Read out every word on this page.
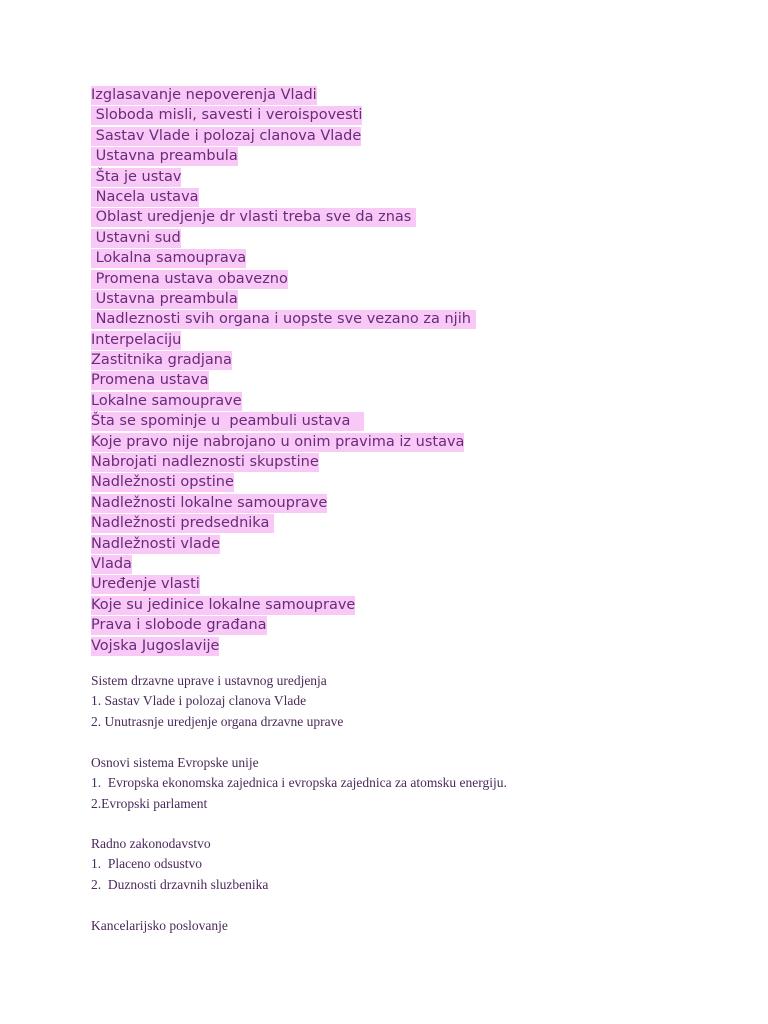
Izglasavanje nepoverenja Vladi
Sloboda misli, savesti i veroispovesti
Sastav Vlade i polozaj clanova Vlade
Ustavna preambula
Šta je ustav
Nacela ustava
Oblast uredjenje dr vlasti treba sve da znas
Ustavni sud
Lokalna samouprava
Promena ustava obavezno
Ustavna preambula
Nadleznosti svih organa i uopste sve vezano za njih
Interpelaciju
Zastitnika gradjana
Promena ustava
Lokalne samouprave
Šta se spominje u  peambuli ustava
Koje pravo nije nabrojano u onim pravima iz ustava
Nabrojati nadleznosti skupstine
Nadležnosti opstine
Nadležnosti lokalne samouprave
Nadležnosti predsednika
Nadležnosti vlade
Vlada
Uređenje vlasti
Koje su jedinice lokalne samouprave
Prava i slobode građana
Vojska Jugoslavije
Sistem drzavne uprave i ustavnog uredjenja
1. Sastav Vlade i polozaj clanova Vlade
2. Unutrasnje uredjenje organa drzavne uprave
Osnovi sistema Evropske unije
1.  Evropska ekonomska zajednica i evropska zajednica za atomsku energiju.
2.Evropski parlament
Radno zakonodavstvo
1.  Placeno odsustvo
2.  Duznosti drzavnih sluzbenika
Kancelarijsko poslovanje
